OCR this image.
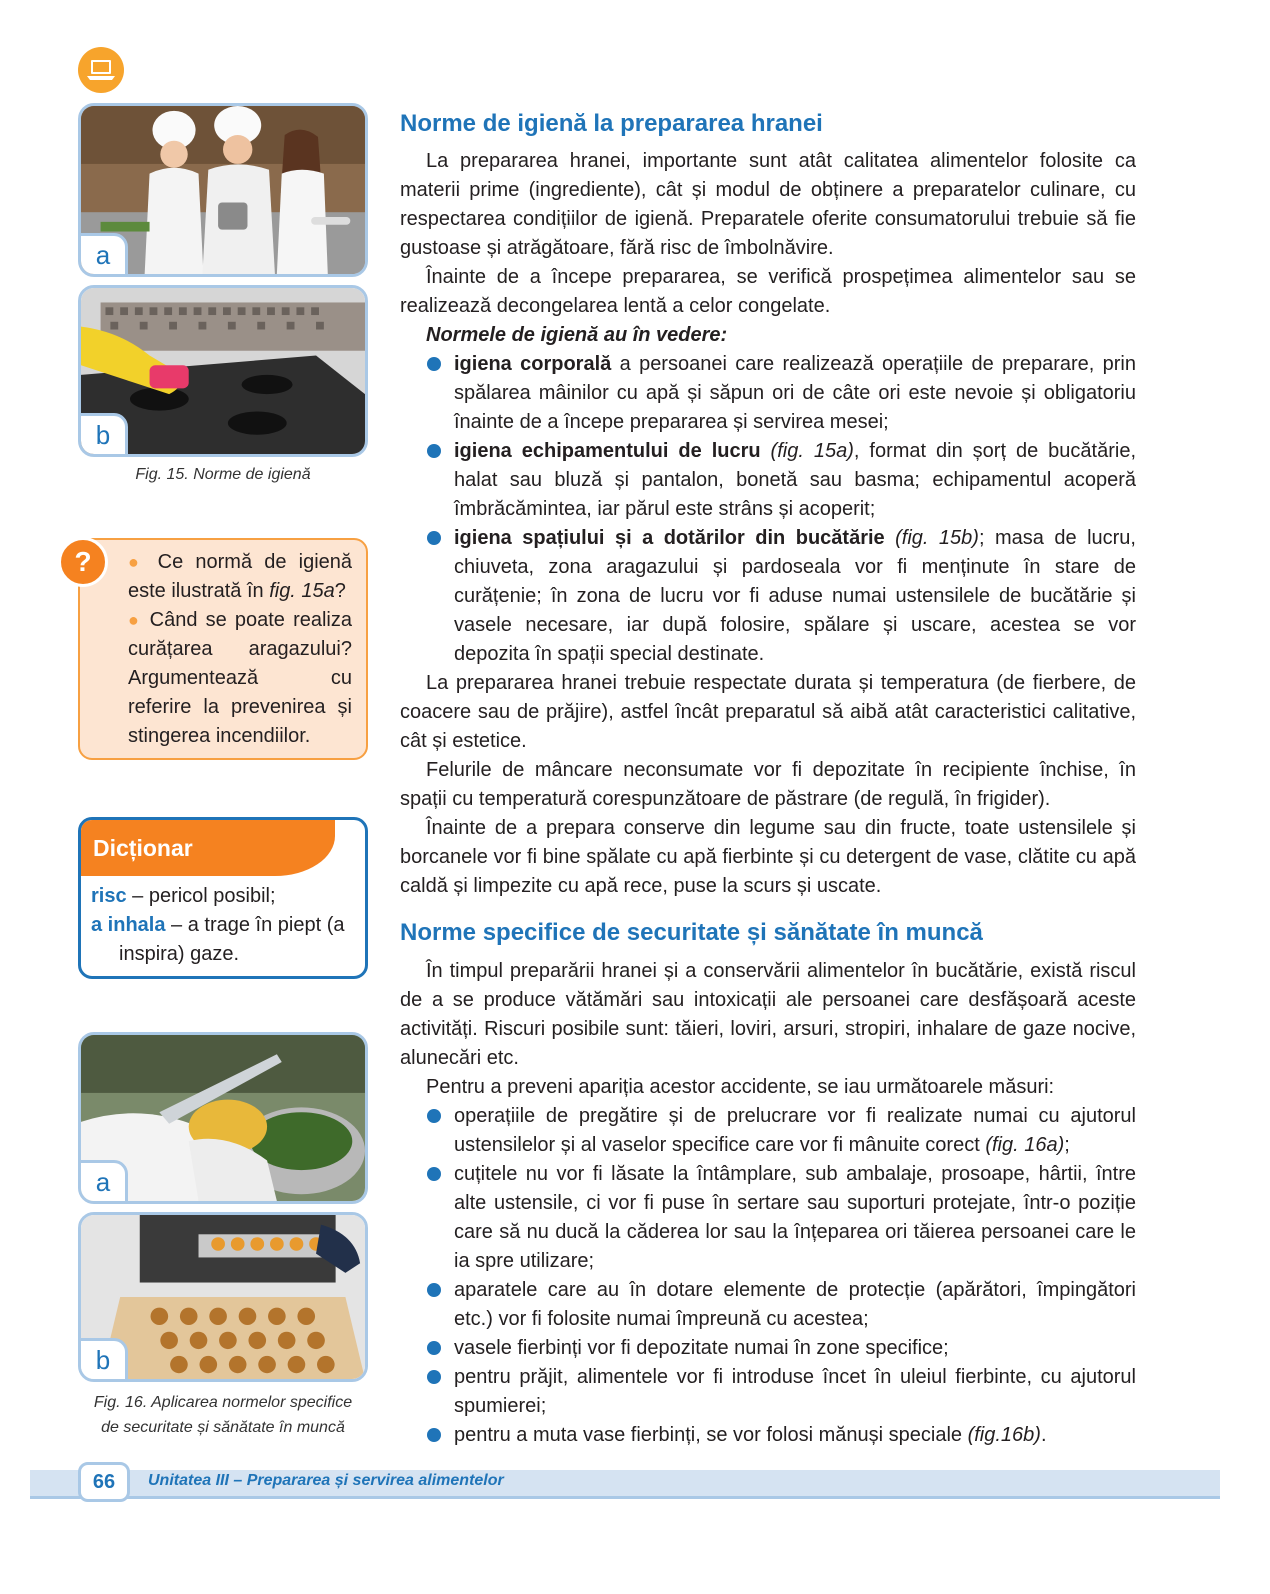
a
b
Fig. 15. Norme de igienă
● Ce normă de igienă este ilustrată în fig. 15a?
● Când se poate realiza curățarea aragazului? Argumentează cu referire la prevenirea și stingerea incendiilor.
?
Dicționar
risc – pericol posibil;
a inhala – a trage în piept (a inspira) gaze.
a
b
Fig. 16. Aplicarea normelor specifice
de securitate și sănătate în muncă
Norme de igienă la prepararea hranei

La prepararea hranei, importante sunt atât calitatea alimentelor folosite ca materii prime (ingrediente), cât și modul de obținere a preparatelor culinare, cu respectarea condițiilor de igienă. Preparatele oferite consumatorului trebuie să fie gustoase și atrăgătoare, fără risc de îmbolnăvire.

Înainte de a începe prepararea, se verifică prospețimea alimentelor sau se realizează decongelarea lentă a celor congelate.

Normele de igienă au în vedere:
igiena corporală a persoanei care realizează operațiile de preparare, prin spălarea mâinilor cu apă și săpun ori de câte ori este nevoie și obligatoriu înainte de a începe prepararea și servirea mesei;
igiena echipamentului de lucru (fig. 15a), format din șorț de bucătărie, halat sau bluză și pantalon, bonetă sau basma; echipamentul acoperă îmbrăcămintea, iar părul este strâns și acoperit;
igiena spațiului și a dotărilor din bucătărie (fig. 15b); masa de lucru, chiuveta, zona aragazului și pardoseala vor fi menținute în stare de curățenie; în zona de lucru vor fi aduse numai ustensilele de bucătărie și vasele necesare, iar după folosire, spălare și uscare, acestea se vor depozita în spații special destinate.

La prepararea hranei trebuie respectate durata și temperatura (de fierbere, de coacere sau de prăjire), astfel încât preparatul să aibă atât caracteristici calitative, cât și estetice.

Felurile de mâncare neconsumate vor fi depozitate în recipiente închise, în spații cu temperatură corespunzătoare de păstrare (de regulă, în frigider).

Înainte de a prepara conserve din legume sau din fructe, toate ustensilele și borcanele vor fi bine spălate cu apă fierbinte și cu detergent de vase, clătite cu apă caldă și limpezite cu apă rece, puse la scurs și uscate.

Norme specifice de securitate și sănătate în muncă

În timpul preparării hranei și a conservării alimentelor în bucătărie, există riscul de a se produce vătămări sau intoxicații ale persoanei care desfășoară aceste activități. Riscuri posibile sunt: tăieri, loviri, arsuri, stropiri, inhalare de gaze nocive, alunecări etc.

Pentru a preveni apariția acestor accidente, se iau următoarele măsuri:

operațiile de pregătire și de prelucrare vor fi realizate numai cu ajutorul ustensilelor și al vaselor specifice care vor fi mânuite corect (fig. 16a);
cuțitele nu vor fi lăsate la întâmplare, sub ambalaje, prosoape, hârtii, între alte ustensile, ci vor fi puse în sertare sau suporturi protejate, într-o poziție care să nu ducă la căderea lor sau la înțeparea ori tăierea persoanei care le ia spre utilizare;
aparatele care au în dotare elemente de protecție (apărători, împingători etc.) vor fi folosite numai împreună cu acestea;
vasele fierbinți vor fi depozitate numai în zone specifice;
pentru prăjit, alimentele vor fi introduse încet în uleiul fierbinte, cu ajutorul spumierei;
pentru a muta vase fierbinți, se vor folosi mănuși speciale (fig.16b).
66	Unitatea III – Prepararea și servirea alimentelor
